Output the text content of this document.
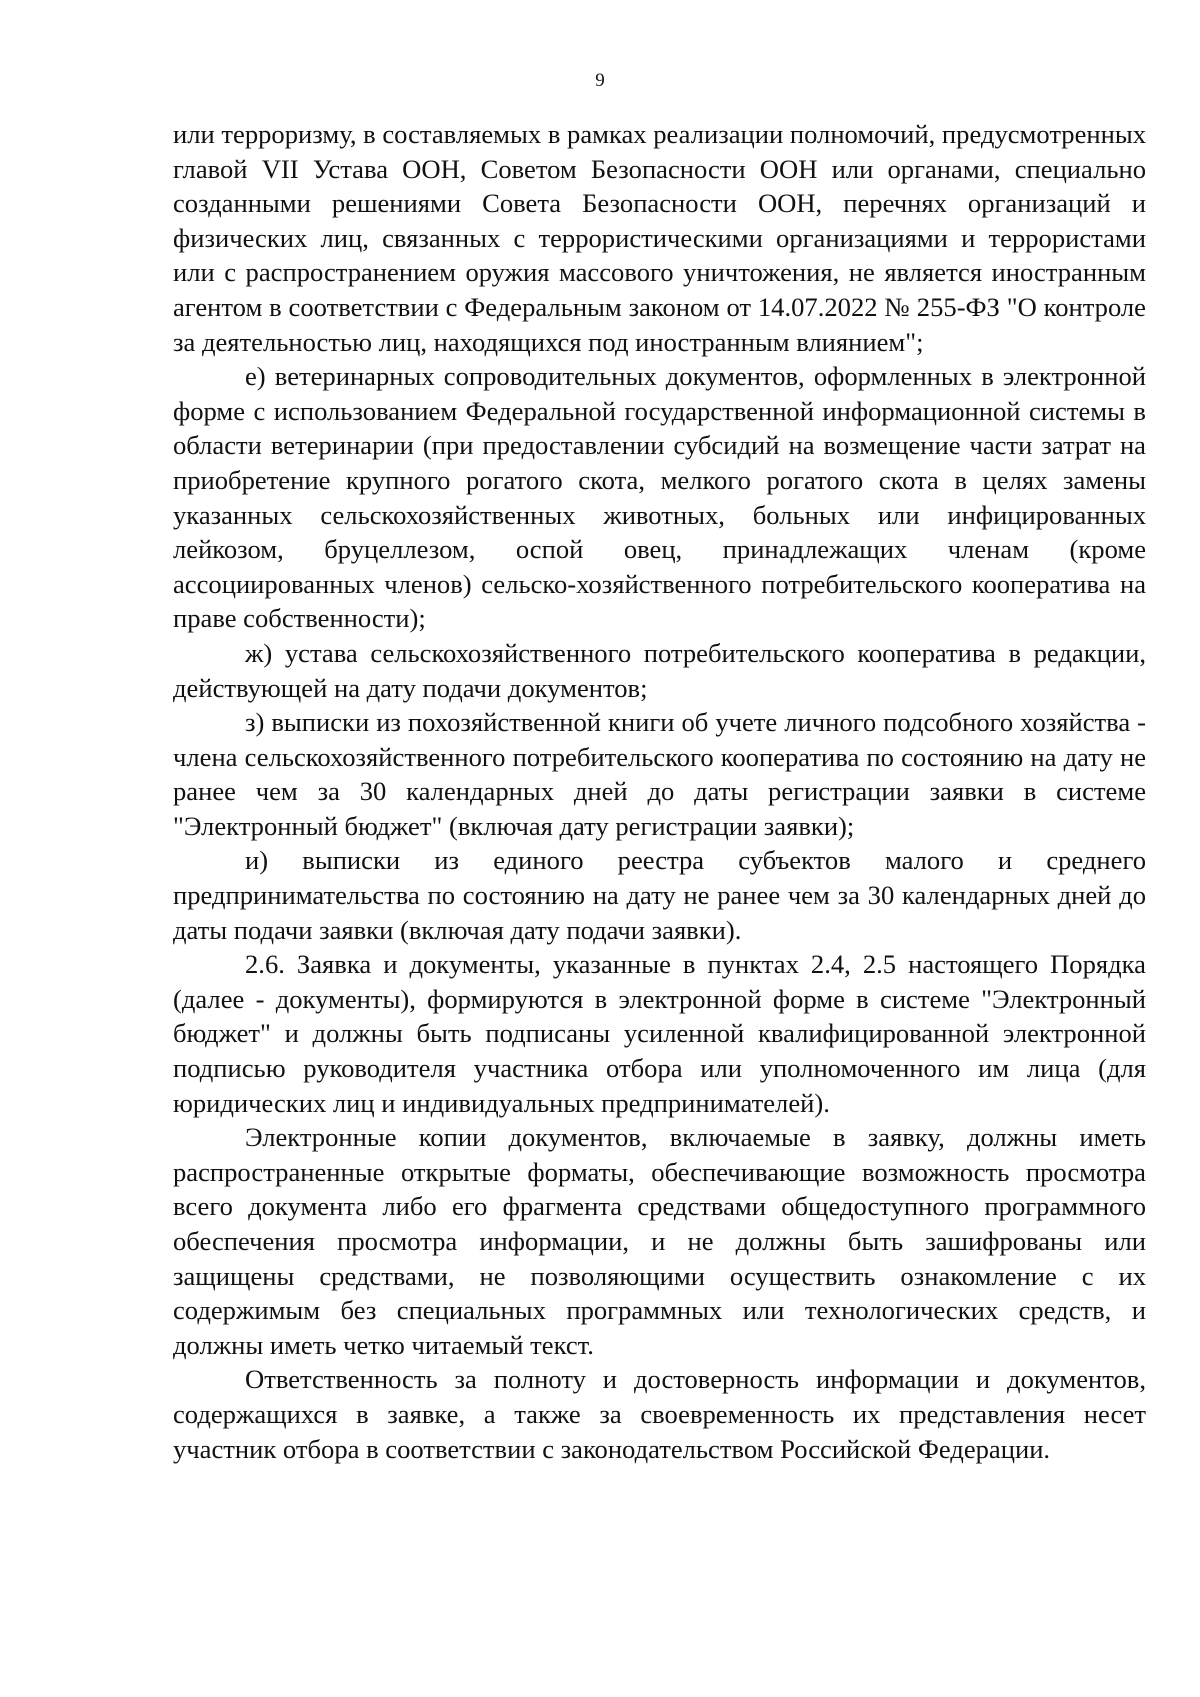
9

или терроризму, в составляемых в рамках реализации полномочий, предусмотренных главой VII Устава ООН, Советом Безопасности ООН или органами, специально созданными решениями Совета Безопасности ООН, перечнях организаций и физических лиц, связанных с террористическими организациями и террористами или с распространением оружия массового уничтожения, не является иностранным агентом в соответствии с Федеральным законом от 14.07.2022 № 255-ФЗ "О контроле за деятельностью лиц, находящихся под иностранным влиянием";

е) ветеринарных сопроводительных документов, оформленных в электронной форме с использованием Федеральной государственной информационной системы в области ветеринарии (при предоставлении субсидий на возмещение части затрат на приобретение крупного рогатого скота, мелкого рогатого скота в целях замены указанных сельскохозяйственных животных, больных или инфицированных лейкозом, бруцеллезом, оспой овец, принадлежащих членам (кроме ассоциированных членов) сельско-хозяйственного потребительского кооператива на праве собственности);

ж) устава сельскохозяйственного потребительского кооператива в редакции, действующей на дату подачи документов;

з) выписки из похозяйственной книги об учете личного подсобного хозяйства - члена сельскохозяйственного потребительского кооператива по состоянию на дату не ранее чем за 30 календарных дней до даты регистрации заявки в системе "Электронный бюджет" (включая дату регистрации заявки);

и) выписки из единого реестра субъектов малого и среднего предпринимательства по состоянию на дату не ранее чем за 30 календарных дней до даты подачи заявки (включая дату подачи заявки).

2.6. Заявка и документы, указанные в пунктах 2.4, 2.5 настоящего Порядка (далее - документы), формируются в электронной форме в системе "Электронный бюджет" и должны быть подписаны усиленной квалифицированной электронной подписью руководителя участника отбора или уполномоченного им лица (для юридических лиц и индивидуальных предпринимателей).

Электронные копии документов, включаемые в заявку, должны иметь распространенные открытые форматы, обеспечивающие возможность просмотра всего документа либо его фрагмента средствами общедоступного программного обеспечения просмотра информации, и не должны быть зашифрованы или защищены средствами, не позволяющими осуществить ознакомление с их содержимым без специальных программных или технологических средств, и должны иметь четко читаемый текст.

Ответственность за полноту и достоверность информации и документов, содержащихся в заявке, а также за своевременность их представления несет участник отбора в соответствии с законодательством Российской Федерации.
